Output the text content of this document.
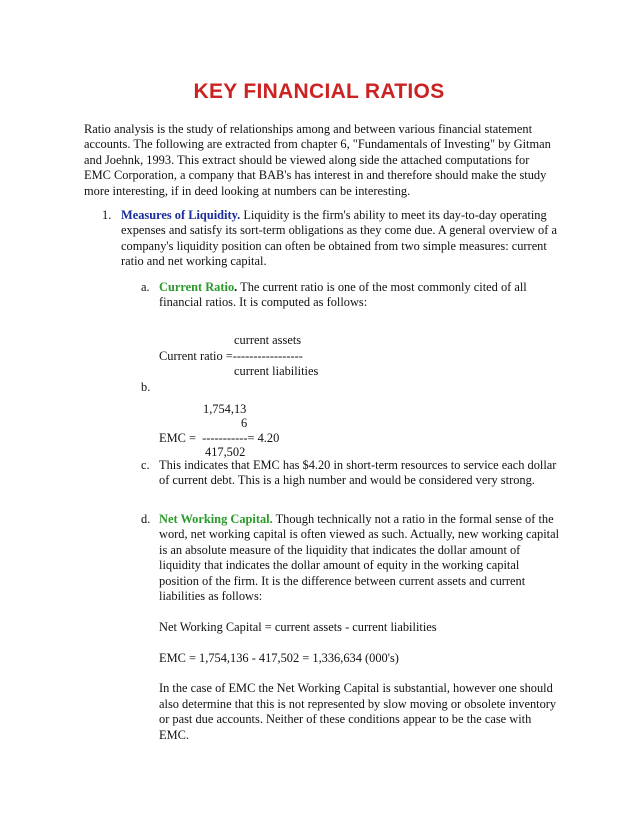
KEY FINANCIAL RATIOS

Ratio analysis is the study of relationships among and between various financial statement accounts. The following are extracted from chapter 6, "Fundamentals of Investing" by Gitman and Joehnk, 1993. This extract should be viewed along side the attached computations for EMC Corporation, a company that BAB's has interest in and therefore should make the study more interesting, if in deed looking at numbers can be interesting.

1. Measures of Liquidity. Liquidity is the firm's ability to meet its day-to-day operating expenses and satisfy its sort-term obligations as they come due. A general overview of a company's liquidity position can often be obtained from two simple measures: current ratio and net working capital.

a. Current Ratio. The current ratio is one of the most commonly cited of all financial ratios. It is computed as follows:

current assets
Current ratio =-----------------
current liabilities
b.
1,754,13
6
EMC =  -----------= 4.20
417,502
c. This indicates that EMC has $4.20 in short-term resources to service each dollar of current debt. This is a high number and would be considered very strong.

d. Net Working Capital. Though technically not a ratio in the formal sense of the word, net working capital is often viewed as such. Actually, new working capital is an absolute measure of the liquidity that indicates the dollar amount of liquidity that indicates the dollar amount of equity in the working capital position of the firm. It is the difference between current assets and current liabilities as follows:

Net Working Capital = current assets - current liabilities

EMC = 1,754,136 - 417,502 = 1,336,634 (000's)

In the case of EMC the Net Working Capital is substantial, however one should also determine that this is not represented by slow moving or obsolete inventory or past due accounts. Neither of these conditions appear to be the case with EMC.
